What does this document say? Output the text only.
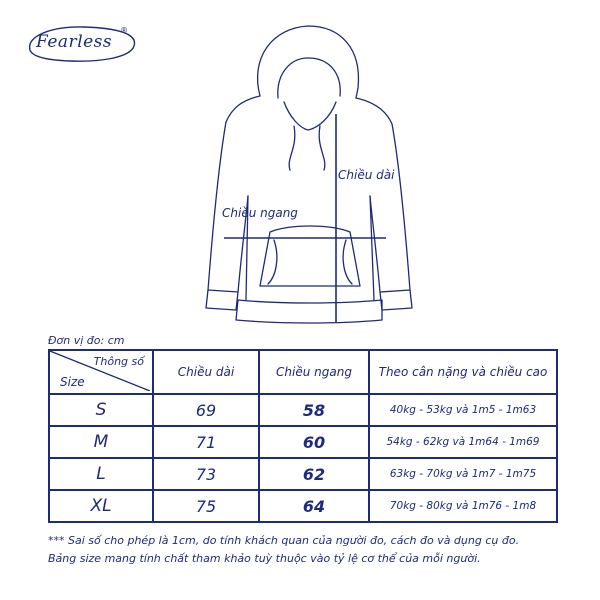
Fearless
®
Chiều dài
Chiều ngang
Đơn vị đo: cm
Thông số
Size	Chiều dài	Chiều ngang	Theo cân nặng và chiều cao
S	69	58	40kg - 53kg và 1m5 - 1m63
M	71	60	54kg - 62kg và 1m64 - 1m69
L	73	62	63kg - 70kg và 1m7 - 1m75
XL	75	64	70kg - 80kg và 1m76 - 1m8
*** Sai số cho phép là 1cm, do tính khách quan của người đo, cách đo và dụng cụ đo.
Bảng size mang tính chất tham khảo tuỳ thuộc vào tỷ lệ cơ thể của mỗi người.
